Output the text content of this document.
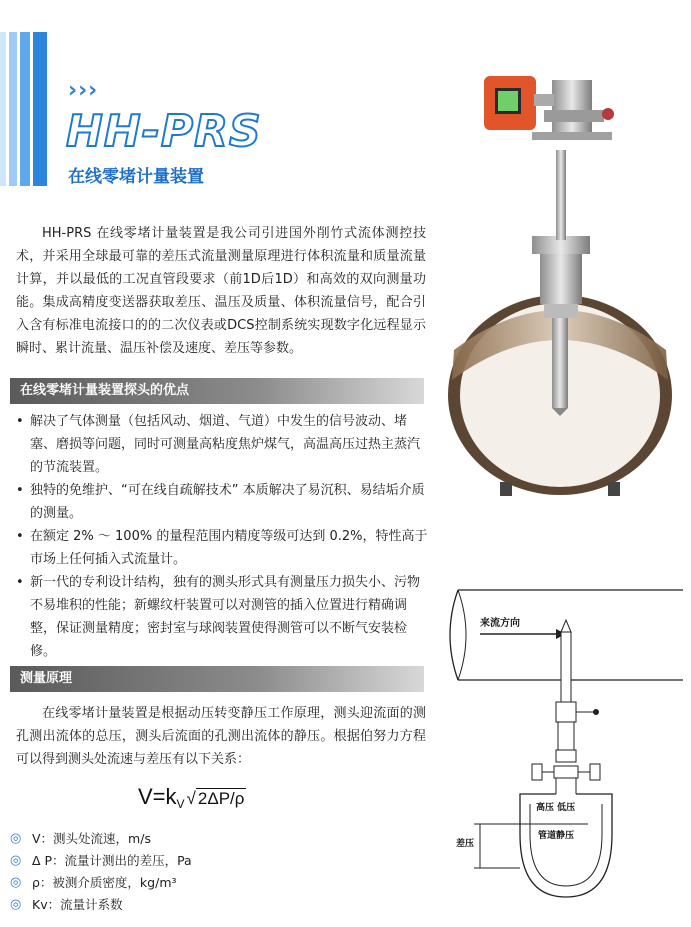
›››
HH-PRS
在线零堵计量装置

HH-PRS 在线零堵计量装置是我公司引进国外削竹式流体测控技术，并采用全球最可靠的差压式流量测量原理进行体积流量和质量流量计算，并以最低的工况直管段要求（前1D后1D）和高效的双向测量功能。集成高精度变送器获取差压、温压及质量、体积流量信号，配合引入含有标准电流接口的的二次仪表或DCS控制系统实现数字化远程显示瞬时、累计流量、温压补偿及速度、差压等参数。

在线零堵计量装置探头的优点
• 解决了气体测量（包括风动、烟道、气道）中发生的信号波动、堵塞、磨损等问题，同时可测量高粘度焦炉煤气，高温高压过热主蒸汽的节流装置。
• 独特的免维护、“可在线自疏解技术” 本质解决了易沉积、易结垢介质的测量。
• 在额定 2% ～ 100% 的量程范围内精度等级可达到 0.2%，特性高于市场上任何插入式流量计。
• 新一代的专利设计结构，独有的测头形式具有测量压力损失小、污物不易堆积的性能；新螺纹杆装置可以对测管的插入位置进行精确调整，保证测量精度；密封室与球阀装置使得测管可以不断气安装检修。
测量原理

在线零堵计量装置是根据动压转变静压工作原理，测头迎流面的测孔测出流体的总压，测头后流面的孔测出流体的静压。根据伯努力方程可以得到测头处流速与差压有以下关系：

V=k V √ 2ΔP/ρ
◎ V：测头处流速，m/s
◎ Δ P：流量计测出的差压，Pa
◎ ρ：被测介质密度，kg/m³
◎ Kv：流量计系数
来流方向
高压 低压
管道静压
差压
